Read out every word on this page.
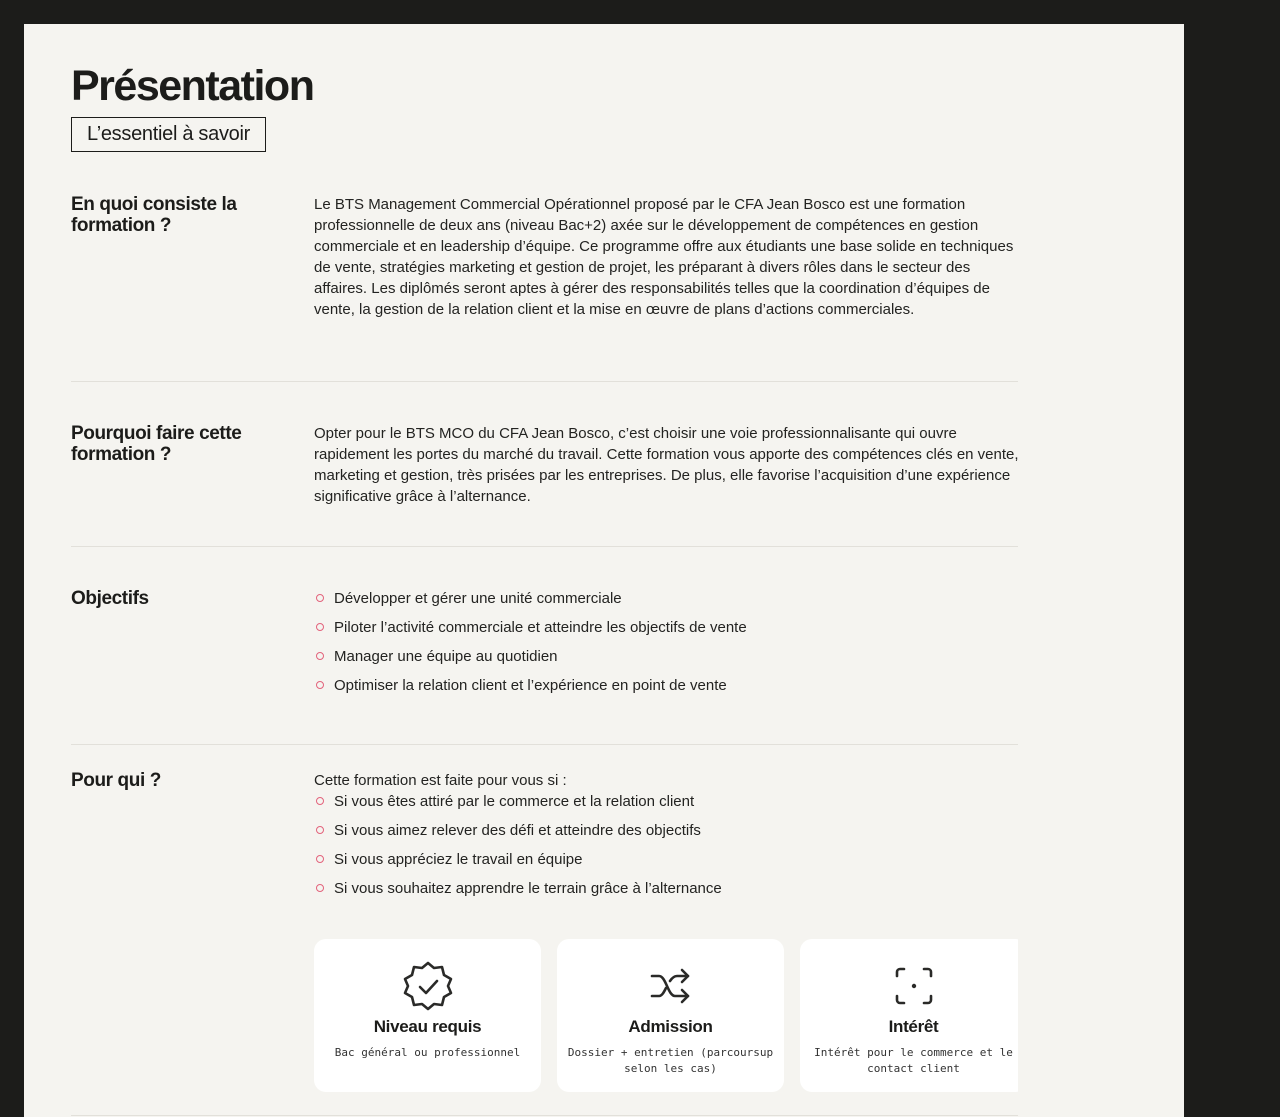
Présentation
L’essentiel à savoir
En quoi consiste la formation ?

Le BTS Management Commercial Opérationnel proposé par le CFA Jean Bosco est une formation professionnelle de deux ans (niveau Bac+2) axée sur le développement de compétences en gestion commerciale et en leadership d’équipe. Ce programme offre aux étudiants une base solide en techniques de vente, stratégies marketing et gestion de projet, les préparant à divers rôles dans le secteur des affaires. Les diplômés seront aptes à gérer des responsabilités telles que la coordination d’équipes de vente, la gestion de la relation client et la mise en œuvre de plans d’actions commerciales.

Pourquoi faire cette formation ?

Opter pour le BTS MCO du CFA Jean Bosco, c’est choisir une voie professionnalisante qui ouvre rapidement les portes du marché du travail. Cette formation vous apporte des compétences clés en vente, marketing et gestion, très prisées par les entreprises. De plus, elle favorise l’acquisition d’une expérience significative grâce à l’alternance.

Objectifs	Développer et gérer une unité commerciale
Piloter l’activité commerciale et atteindre les objectifs de vente
Manager une équipe au quotidien
Optimiser la relation client et l’expérience en point de vente
Pour qui ?	Cette formation est faite pour vous si :

Si vous êtes attiré par le commerce et la relation client
Si vous aimez relever des défi et atteindre des objectifs
Si vous appréciez le travail en équipe
Si vous souhaitez apprendre le terrain grâce à l’alternance
Niveau requis
Bac général ou professionnel
Admission
Dossier + entretien (parcoursup selon les cas)
Intérêt
Intérêt pour le commerce et le contact client
